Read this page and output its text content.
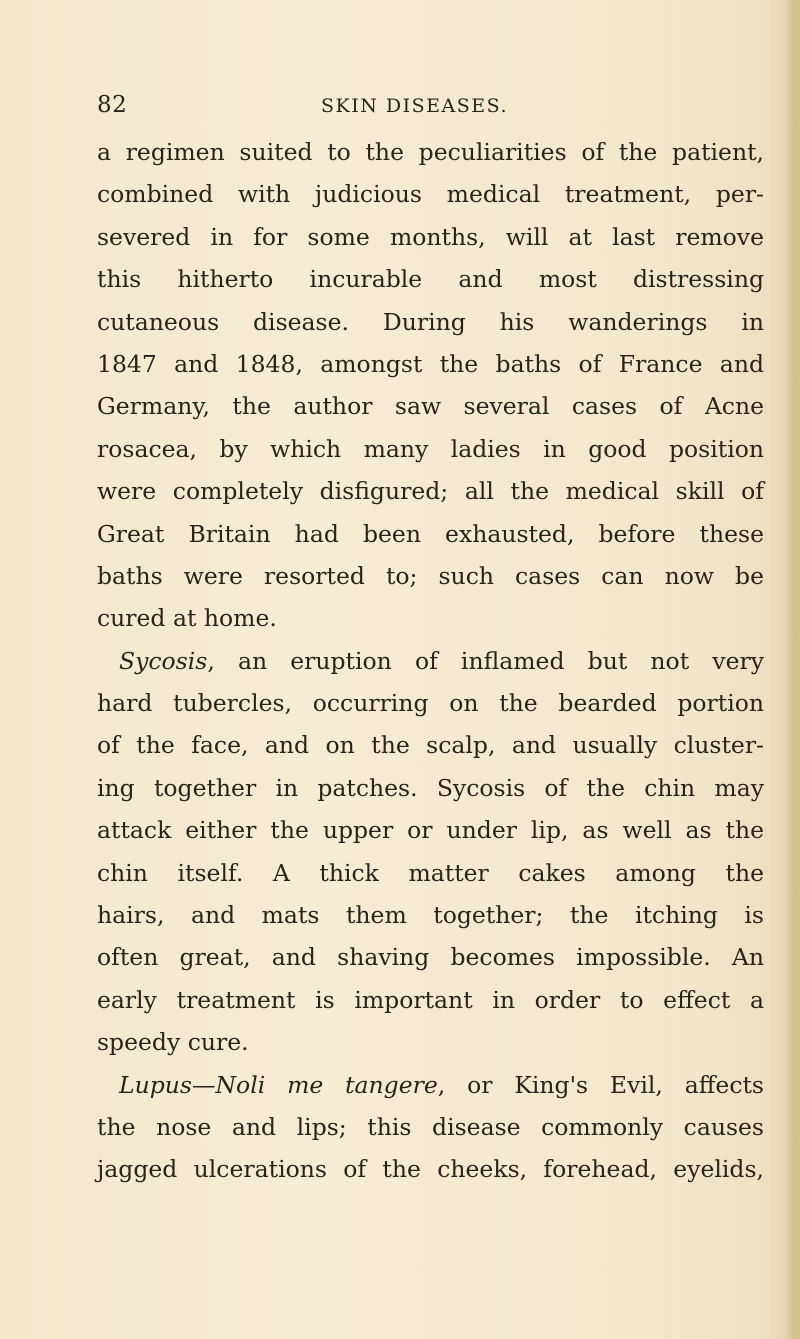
82	SKIN DISEASES.
a regimen suited to the peculiarities of the patient,
combined with judicious medical treatment, per-
severed in for some months, will at last remove
this hitherto incurable and most distressing
cutaneous disease. During his wanderings in
1847 and 1848, amongst the baths of France and
Germany, the author saw several cases of Acne
rosacea, by which many ladies in good position
were completely disfigured; all the medical skill of
Great Britain had been exhausted, before these
baths were resorted to; such cases can now be
cured at home.
Sycosis, an eruption of inflamed but not very
hard tubercles, occurring on the bearded portion
of the face, and on the scalp, and usually cluster-
ing together in patches. Sycosis of the chin may
attack either the upper or under lip, as well as the
chin itself. A thick matter cakes among the
hairs, and mats them together; the itching is
often great, and shaving becomes impossible. An
early treatment is important in order to effect a
speedy cure.
Lupus—Noli me tangere, or King's Evil, affects
the nose and lips; this disease commonly causes
jagged ulcerations of the cheeks, forehead, eyelids,
